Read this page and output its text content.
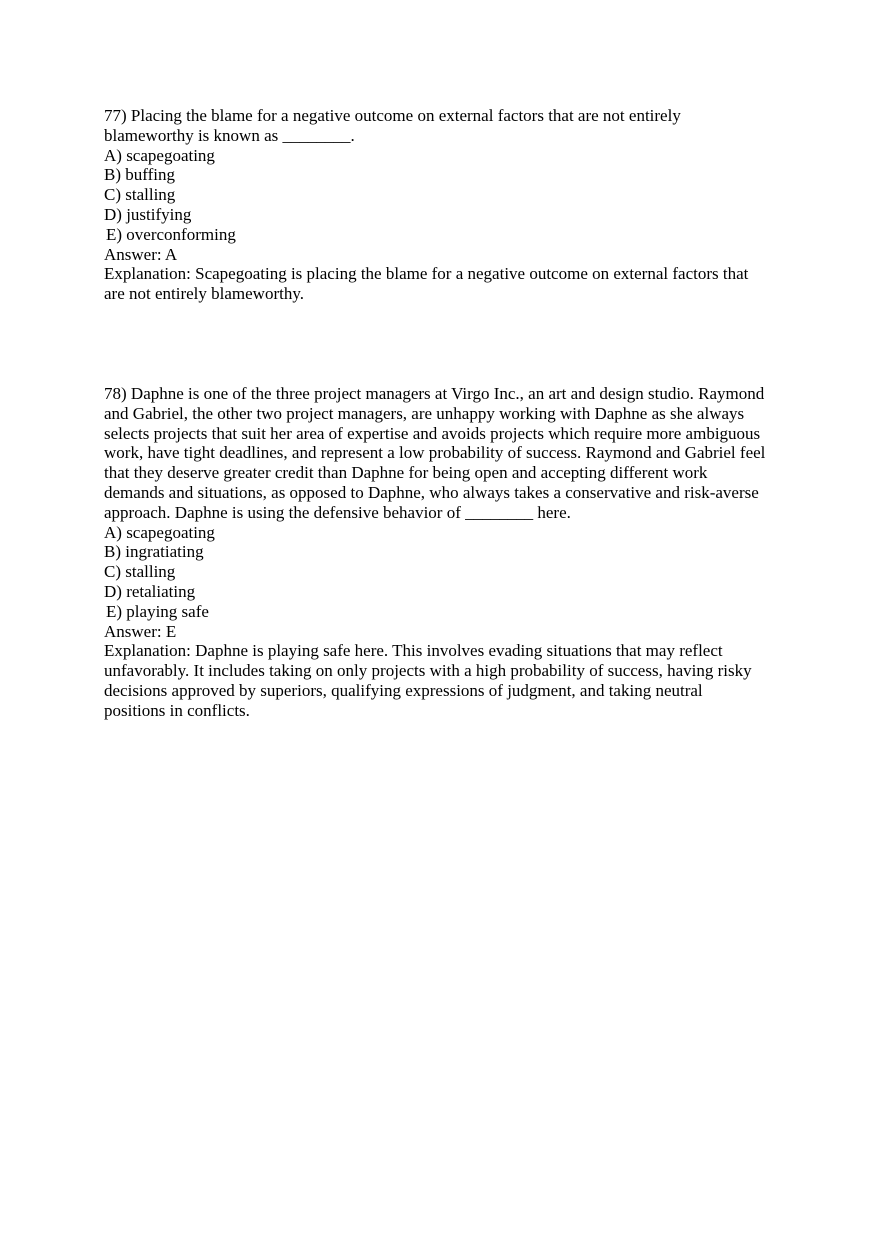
77) Placing the blame for a negative outcome on external factors that are not entirely
blameworthy is known as ________.

A) scapegoating
B) buffing
C) stalling
D) justifying
E) overconforming

Answer: A

Explanation: Scapegoating is placing the blame for a negative outcome on external factors that
are not entirely blameworthy.

78) Daphne is one of the three project managers at Virgo Inc., an art and design studio. Raymond
and Gabriel, the other two project managers, are unhappy working with Daphne as she always
selects projects that suit her area of expertise and avoids projects which require more ambiguous
work, have tight deadlines, and represent a low probability of success. Raymond and Gabriel feel
that they deserve greater credit than Daphne for being open and accepting different work
demands and situations, as opposed to Daphne, who always takes a conservative and risk-averse
approach. Daphne is using the defensive behavior of ________ here.

A) scapegoating
B) ingratiating
C) stalling
D) retaliating
E) playing safe

Answer: E

Explanation: Daphne is playing safe here. This involves evading situations that may reflect
unfavorably. It includes taking on only projects with a high probability of success, having risky
decisions approved by superiors, qualifying expressions of judgment, and taking neutral
positions in conflicts.
